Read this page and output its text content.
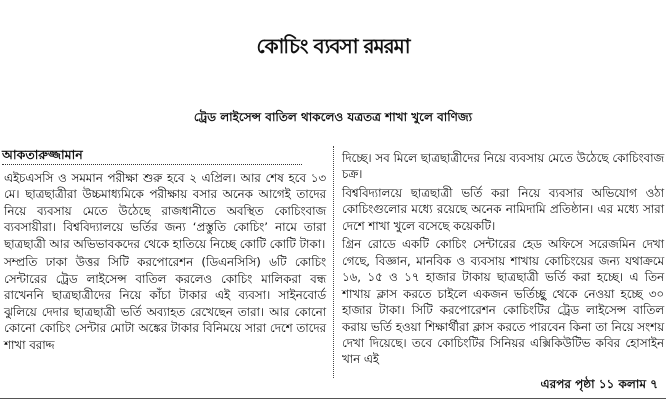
কোচিং ব্যবসা রমরমা
ট্রেড লাইসেন্স বাতিল থাকলেও যত্রতত্র শাখা খুলে বাণিজ্য
আকতারুজ্জামান

এইচএসসি ও সমমান পরীক্ষা শুরু হবে ২ এপ্রিল। আর শেষ হবে ১৩ মে। ছাত্রছাত্রীরা উচ্চমাধ্যমিকে পরীক্ষায় বসার অনেক আগেই তাদের নিয়ে ব্যবসায় মেতে উঠেছে রাজধানীতে অবস্থিত কোচিংবাজ ব্যবসায়ীরা। বিশ্ববিদ্যালয়ে ভর্তির জন্য ‘প্রস্তুতি কোচিং’ নামে তারা ছাত্রছাত্রী আর অভিভাবকদের থেকে হাতিয়ে নিচ্ছে কোটি কোটি টাকা।

সম্প্রতি ঢাকা উত্তর সিটি করপোরেশন (ডিএনসিসি) ৬টি কোচিং সেন্টারের ট্রেড লাইসেন্স বাতিল করলেও কোচিং মালিকরা বন্ধ রাখেননি ছাত্রছাত্রীদের নিয়ে কাঁচা টাকার এই ব্যবসা। সাইনবোর্ড ঝুলিয়ে দেদার ছাত্রছাত্রী ভর্তি অব্যাহত রেখেছেন তারা। আর কোনো কোনো কোচিং সেন্টার মোটা অঙ্কের টাকার বিনিময়ে সারা দেশে তাদের শাখা বরাদ্দ

দিচ্ছে। সব মিলে ছাত্রছাত্রীদের নিয়ে ব্যবসায় মেতে উঠেছে কোচিংবাজ চক্র।

বিশ্ববিদ্যালয়ে ছাত্রছাত্রী ভর্তি করা নিয়ে ব্যবসার অভিযোগ ওঠা কোচিংগুলোর মধ্যে রয়েছে অনেক নামিদামি প্রতিষ্ঠান। এর মধ্যে সারা দেশে শাখা খুলে বসেছে কয়েকটি।

গ্রিন রোডে একটি কোচিং সেন্টারের হেড অফিসে সরেজমিন দেখা গেছে, বিজ্ঞান, মানবিক ও ব্যবসায় শাখায় কোচিংয়ের জন্য যথাক্রমে ১৬, ১৫ ও ১৭ হাজার টাকায় ছাত্রছাত্রী ভর্তি করা হচ্ছে। এ তিন শাখায় ক্লাস করতে চাইলে একজন ভর্তিচ্ছু থেকে নেওয়া হচ্ছে ৩০ হাজার টাকা। সিটি করপোরেশন কোচিংটির ট্রেড লাইসেন্স বাতিল করায় ভর্তি হওয়া শিক্ষার্থীরা ক্লাস করতে পারবেন কিনা তা নিয়ে সংশয় দেখা দিয়েছে। তবে কোচিংটির সিনিয়র এক্সিকিউটিভ কবির হোসাইন খান এই

এরপর পৃষ্ঠা ১১ কলাম ৭
